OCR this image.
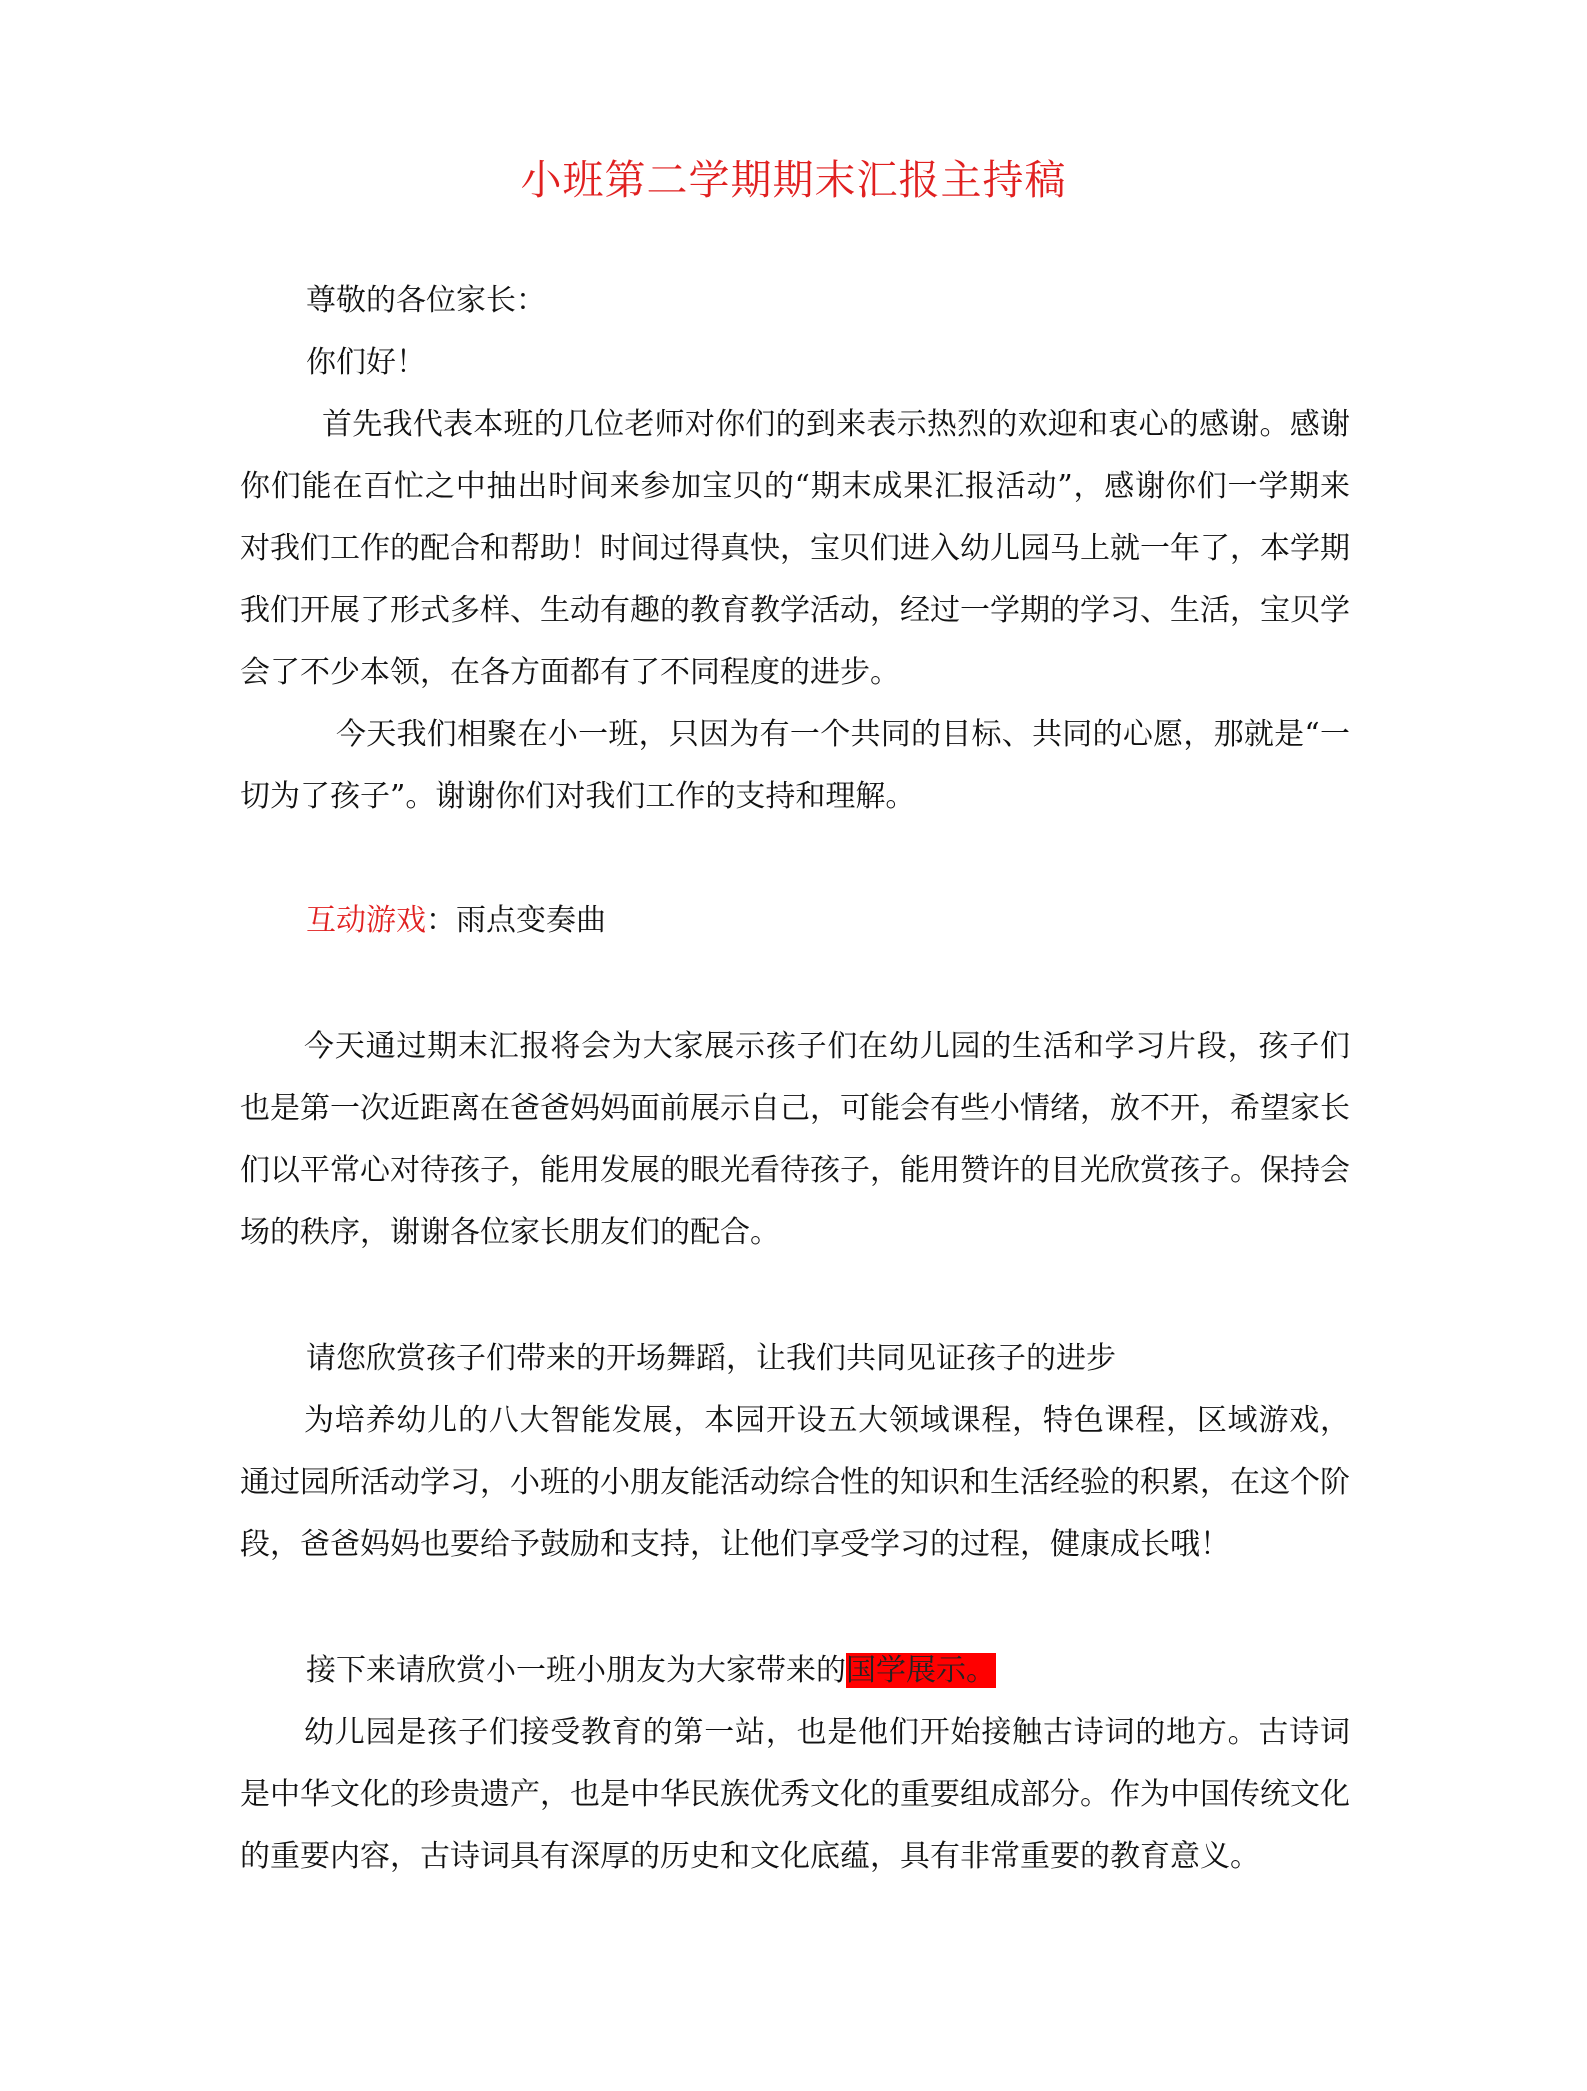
小班第二学期期末汇报主持稿

尊敬的各位家长：

你们好！

首先我代表本班的几位老师对你们的到来表示热烈的欢迎和衷心的感谢。感谢你们能在百忙之中抽出时间来参加宝贝的“期末成果汇报活动”，感谢你们一学期来对我们工作的配合和帮助！时间过得真快，宝贝们进入幼儿园马上就一年了，本学期我们开展了形式多样、生动有趣的教育教学活动，经过一学期的学习、生活，宝贝学会了不少本领，在各方面都有了不同程度的进步。

今天我们相聚在小一班，只因为有一个共同的目标、共同的心愿，那就是“一切为了孩子”。谢谢你们对我们工作的支持和理解。

互动游戏：雨点变奏曲

今天通过期末汇报将会为大家展示孩子们在幼儿园的生活和学习片段，孩子们也是第一次近距离在爸爸妈妈面前展示自己，可能会有些小情绪，放不开，希望家长们以平常心对待孩子，能用发展的眼光看待孩子，能用赞许的目光欣赏孩子。保持会场的秩序，谢谢各位家长朋友们的配合。

请您欣赏孩子们带来的开场舞蹈，让我们共同见证孩子的进步

为培养幼儿的八大智能发展，本园开设五大领域课程，特色课程，区域游戏，通过园所活动学习，小班的小朋友能活动综合性的知识和生活经验的积累，在这个阶段，爸爸妈妈也要给予鼓励和支持，让他们享受学习的过程，健康成长哦！

接下来请欣赏小一班小朋友为大家带来的国学展示。

幼儿园是孩子们接受教育的第一站，也是他们开始接触古诗词的地方。古诗词是中华文化的珍贵遗产，也是中华民族优秀文化的重要组成部分。作为中国传统文化的重要内容，古诗词具有深厚的历史和文化底蕴，具有非常重要的教育意义。
